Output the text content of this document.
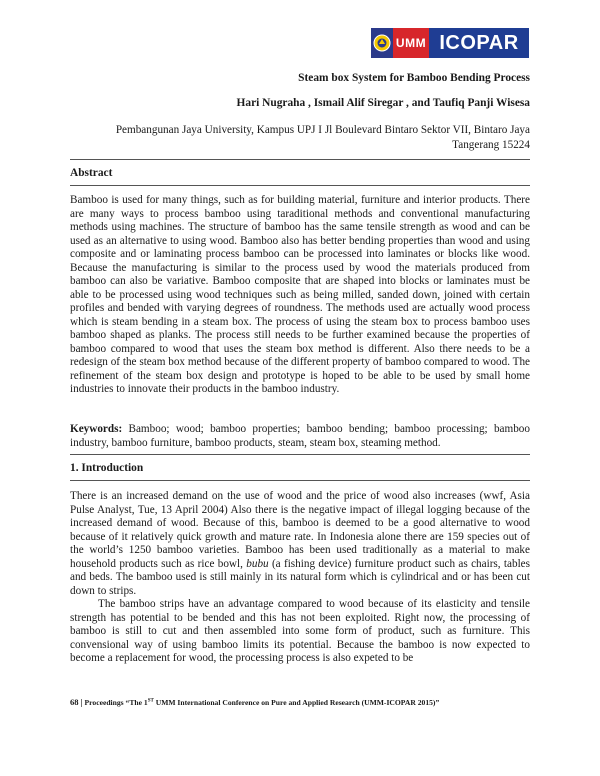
UMM ICOPAR
Steam box System for Bamboo Bending Process
Hari Nugraha , Ismail Alif Siregar , and Taufiq Panji Wisesa
Pembangunan Jaya University, Kampus UPJ I Jl Boulevard Bintaro Sektor VII, Bintaro Jaya
Tangerang 15224
Abstract

Bamboo is used for many things, such as for building material, furniture and interior products. There are many ways to process bamboo using taraditional methods and conventional manufacturing methods using machines. The structure of bamboo has the same tensile strength as wood and can be used as an alternative to using wood. Bamboo also has better bending properties than wood and using composite and or laminating process bamboo can be processed into laminates or blocks like wood. Because the manufacturing is similar to the process used by wood the materials produced from bamboo can also be variative. Bamboo composite that are shaped into blocks or laminates must be able to be processed using wood techniques such as being milled, sanded down, joined with certain profiles and bended with varying degrees of roundness. The methods used are actually wood process which is steam bending in a steam box. The process of using the steam box to process bamboo uses bamboo shaped as planks. The process still needs to be further examined because the properties of bamboo compared to wood that uses the steam box method is different. Also there needs to be a redesign of the steam box method because of the different property of bamboo compared to wood. The refinement of the steam box design and prototype is hoped to be able to be used by small home industries to innovate their products in the bamboo industry.

Keywords: Bamboo; wood; bamboo properties; bamboo bending; bamboo processing; bamboo industry, bamboo furniture, bamboo products, steam, steam box, steaming method.

1. Introduction

There is an increased demand on the use of wood and the price of wood also increases (wwf, Asia Pulse Analyst, Tue, 13 April 2004) Also there is the negative impact of illegal logging because of the increased demand of wood. Because of this, bamboo is deemed to be a good alternative to wood because of it relatively quick growth and mature rate. In Indonesia alone there are 159 species out of the world’s 1250 bamboo varieties. Bamboo has been used traditionally as a material to make household products such as rice bowl, bubu (a fishing device) furniture product such as chairs, tables and beds. The bamboo used is still mainly in its natural form which is cylindrical and or has been cut down to strips.

The bamboo strips have an advantage compared to wood because of its elasticity and tensile strength has potential to be bended and this has not been exploited. Right now, the processing of bamboo is still to cut and then assembled into some form of product, such as furniture. This convensional way of using bamboo limits its potential. Because the bamboo is now expected to become a replacement for wood, the processing process is also expeted to be

68 | Proceedings “The 1ST UMM International Conference on Pure and Applied Research (UMM-ICOPAR 2015)”
